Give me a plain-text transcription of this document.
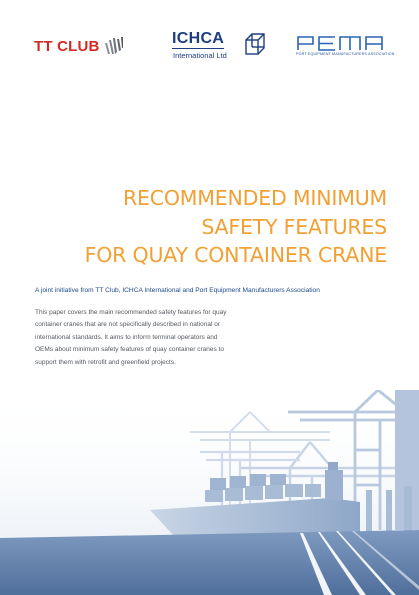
TT CLUB	ICHCA
International Ltd	PORT EQUIPMENT MANUFACTURERS ASSOCIATION
RECOMMENDED MINIMUM
SAFETY FEATURES
FOR QUAY CONTAINER CRANE
A joint initiative from TT Club, ICHCA International and Port Equipment Manufacturers Association
This paper covers the main recommended safety features for quay
container cranes that are not specifically described in national or
international standards. It aims to inform terminal operators and
OEMs about minimum safety features of quay container cranes to
support them with retrofit and greenfield projects.
